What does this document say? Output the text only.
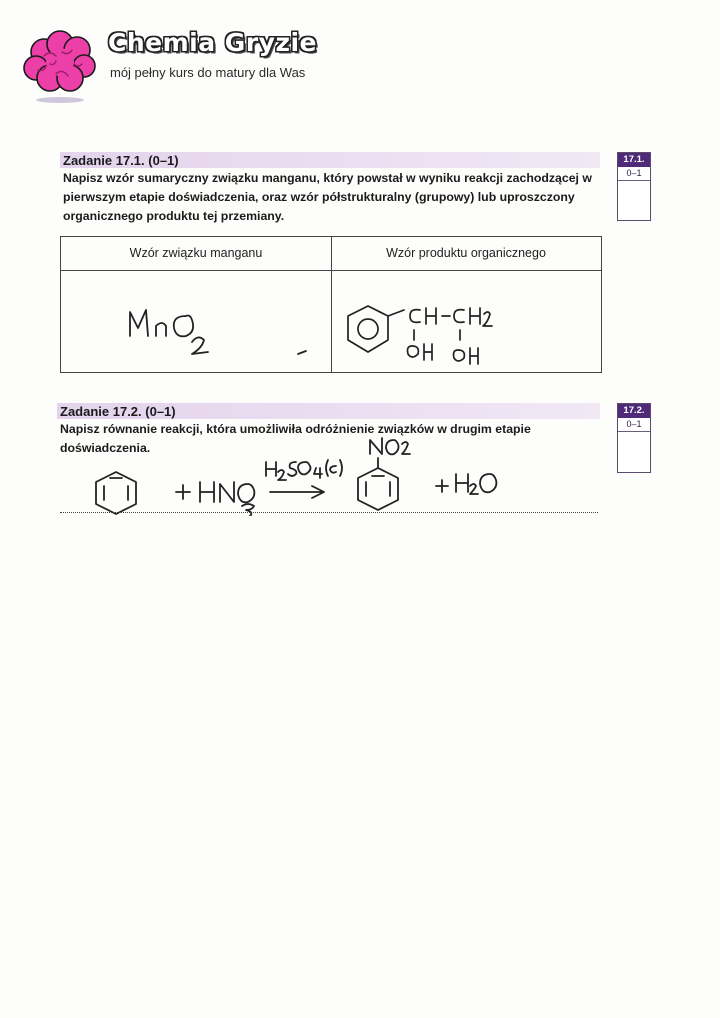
Chemia Gryzie
mój pełny kurs do matury dla Was
Zadanie 17.1. (0–1)
Napisz wzór sumaryczny związku manganu, który powstał w wyniku reakcji zachodzącej w pierwszym etapie doświadczenia, oraz wzór półstrukturalny (grupowy) lub uproszczony organicznego produktu tej przemiany.
17.1.
0–1
Wzór związku manganu	Wzór produktu organicznego
Zadanie 17.2. (0–1)
Napisz równanie reakcji, która umożliwiła odróżnienie związków w drugim etapie doświadczenia.
17.2.
0–1
